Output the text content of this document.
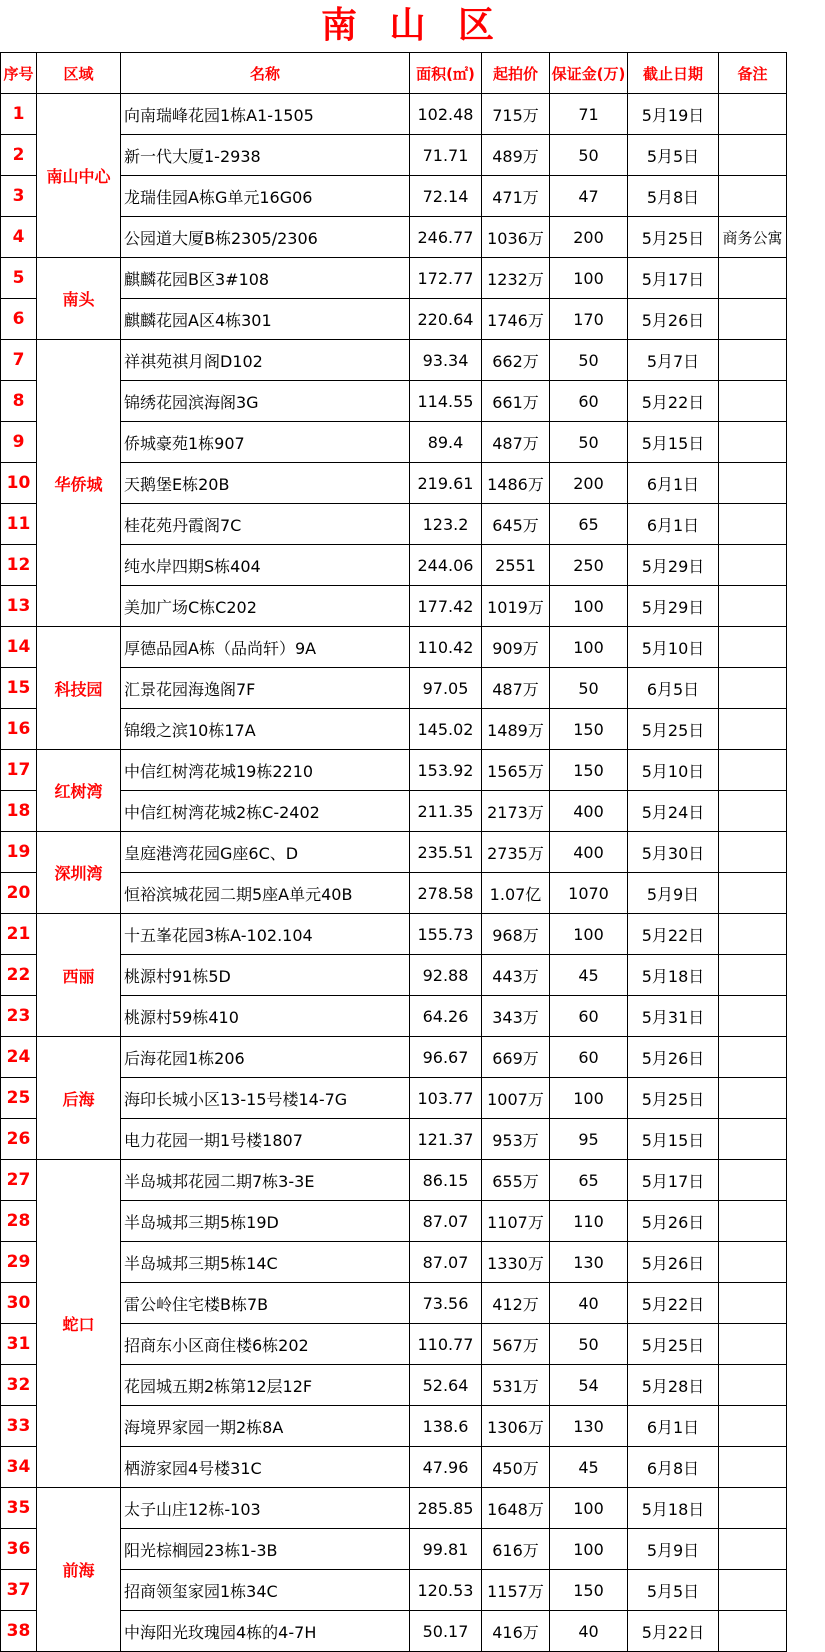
南 山 区
序号	区域	名称	面积(㎡)	起拍价	保证金(万)	截止日期	备注
1	南山中心	向南瑞峰花园1栋A1-1505	102.48	715万	71	5月19日	
2		新一代大厦1-2938	71.71	489万	50	5月5日	
3		龙瑞佳园A栋G单元16G06	72.14	471万	47	5月8日	
4		公园道大厦B栋2305/2306	246.77	1036万	200	5月25日	商务公寓
5	南头	麒麟花园B区3#108	172.77	1232万	100	5月17日	
6		麒麟花园A区4栋301	220.64	1746万	170	5月26日	
7	华侨城	祥祺苑祺月阁D102	93.34	662万	50	5月7日	
8		锦绣花园滨海阁3G	114.55	661万	60	5月22日	
9		侨城豪苑1栋907	89.4	487万	50	5月15日	
10		天鹅堡E栋20B	219.61	1486万	200	6月1日	
11		桂花苑丹霞阁7C	123.2	645万	65	6月1日	
12		纯水岸四期S栋404	244.06	2551	250	5月29日	
13		美加广场C栋C202	177.42	1019万	100	5月29日	
14	科技园	厚德品园A栋（品尚轩）9A	110.42	909万	100	5月10日	
15		汇景花园海逸阁7F	97.05	487万	50	6月5日	
16		锦缎之滨10栋17A	145.02	1489万	150	5月25日	
17	红树湾	中信红树湾花城19栋2210	153.92	1565万	150	5月10日	
18		中信红树湾花城2栋C-2402	211.35	2173万	400	5月24日	
19	深圳湾	皇庭港湾花园G座6C、D	235.51	2735万	400	5月30日	
20		恒裕滨城花园二期5座A单元40B	278.58	1.07亿	1070	5月9日	
21	西丽	十五峯花园3栋A-102.104	155.73	968万	100	5月22日	
22		桃源村91栋5D	92.88	443万	45	5月18日	
23		桃源村59栋410	64.26	343万	60	5月31日	
24	后海	后海花园1栋206	96.67	669万	60	5月26日	
25		海印长城小区13-15号楼14-7G	103.77	1007万	100	5月25日	
26		电力花园一期1号楼1807	121.37	953万	95	5月15日	
27	蛇口	半岛城邦花园二期7栋3-3E	86.15	655万	65	5月17日	
28		半岛城邦三期5栋19D	87.07	1107万	110	5月26日	
29		半岛城邦三期5栋14C	87.07	1330万	130	5月26日	
30		雷公岭住宅楼B栋7B	73.56	412万	40	5月22日	
31		招商东小区商住楼6栋202	110.77	567万	50	5月25日	
32		花园城五期2栋第12层12F	52.64	531万	54	5月28日	
33		海境界家园一期2栋8A	138.6	1306万	130	6月1日	
34		栖游家园4号楼31C	47.96	450万	45	6月8日	
35	前海	太子山庄12栋-103	285.85	1648万	100	5月18日	
36		阳光棕榈园23栋1-3B	99.81	616万	100	5月9日	
37		招商领玺家园1栋34C	120.53	1157万	150	5月5日	
38		中海阳光玫瑰园4栋的4-7H	50.17	416万	40	5月22日	
